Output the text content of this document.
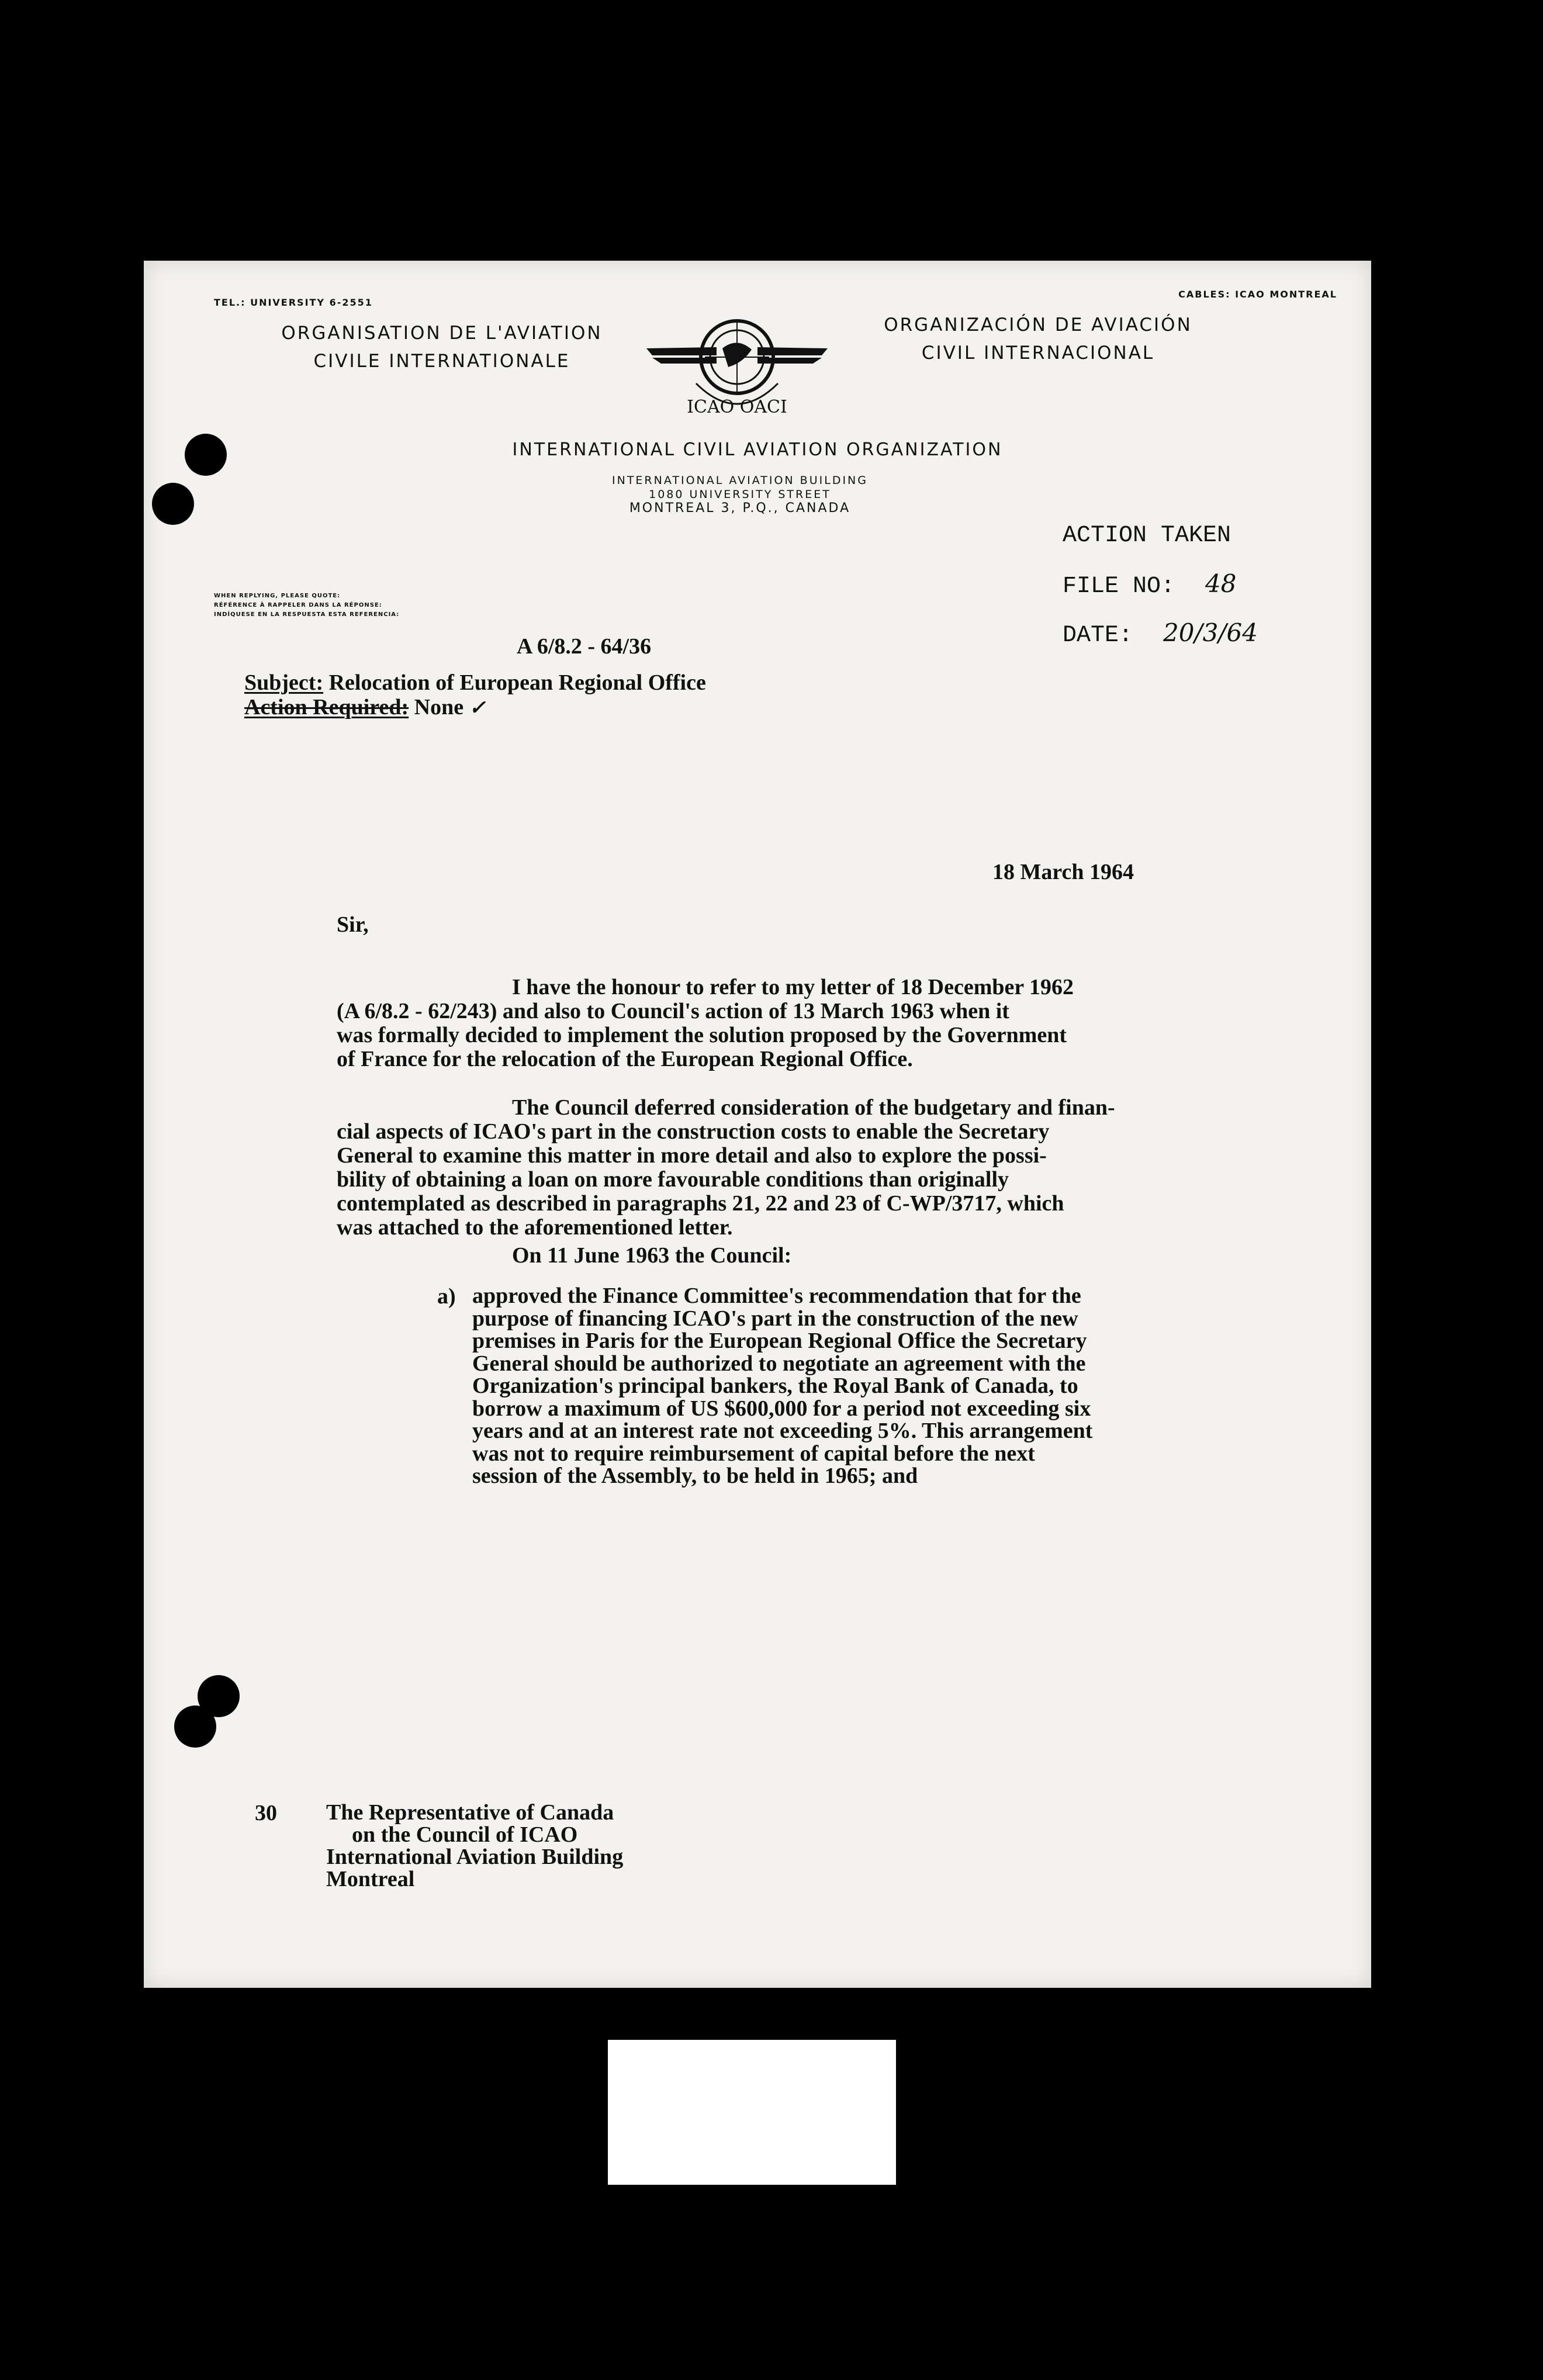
TEL.: UNIVERSITY 6-2551
CABLES: ICAO MONTREAL
ORGANISATION DE L'AVIATION
CIVILE INTERNATIONALE
ICAO OACI
ORGANIZACIÓN DE AVIACIÓN
CIVIL INTERNACIONAL
INTERNATIONAL CIVIL AVIATION ORGANIZATION
INTERNATIONAL AVIATION BUILDING
1080 UNIVERSITY STREET
MONTREAL 3, P.Q., CANADA
ACTION TAKEN
FILE NO: 48
DATE: 20/3/64
WHEN REPLYING, PLEASE QUOTE:
RÉFÉRENCE À RAPPELER DANS LA RÉPONSE:
INDÍQUESE EN LA RESPUESTA ESTA REFERENCIA:
A 6/8.2 - 64/36
Subject: Relocation of European Regional Office
Action Required: None ✓
18 March 1964
Sir,

I have the honour to refer to my letter of 18 December 1962
(A 6/8.2 - 62/243) and also to Council's action of 13 March 1963 when it
was formally decided to implement the solution proposed by the Government
of France for the relocation of the European Regional Office.

The Council deferred consideration of the budgetary and finan-
cial aspects of ICAO's part in the construction costs to enable the Secretary
General to examine this matter in more detail and also to explore the possi-
bility of obtaining a loan on more favourable conditions than originally
contemplated as described in paragraphs 21, 22 and 23 of C-WP/3717, which
was attached to the aforementioned letter.

On 11 June 1963 the Council:
a) approved the Finance Committee's recommendation that for the
purpose of financing ICAO's part in the construction of the new
premises in Paris for the European Regional Office the Secretary
General should be authorized to negotiate an agreement with the
Organization's principal bankers, the Royal Bank of Canada, to
borrow a maximum of US $600,000 for a period not exceeding six
years and at an interest rate not exceeding 5%. This arrangement
was not to require reimbursement of capital before the next
session of the Assembly, to be held in 1965; and
30 The Representative of Canada
on the Council of ICAO
International Aviation Building
Montreal
